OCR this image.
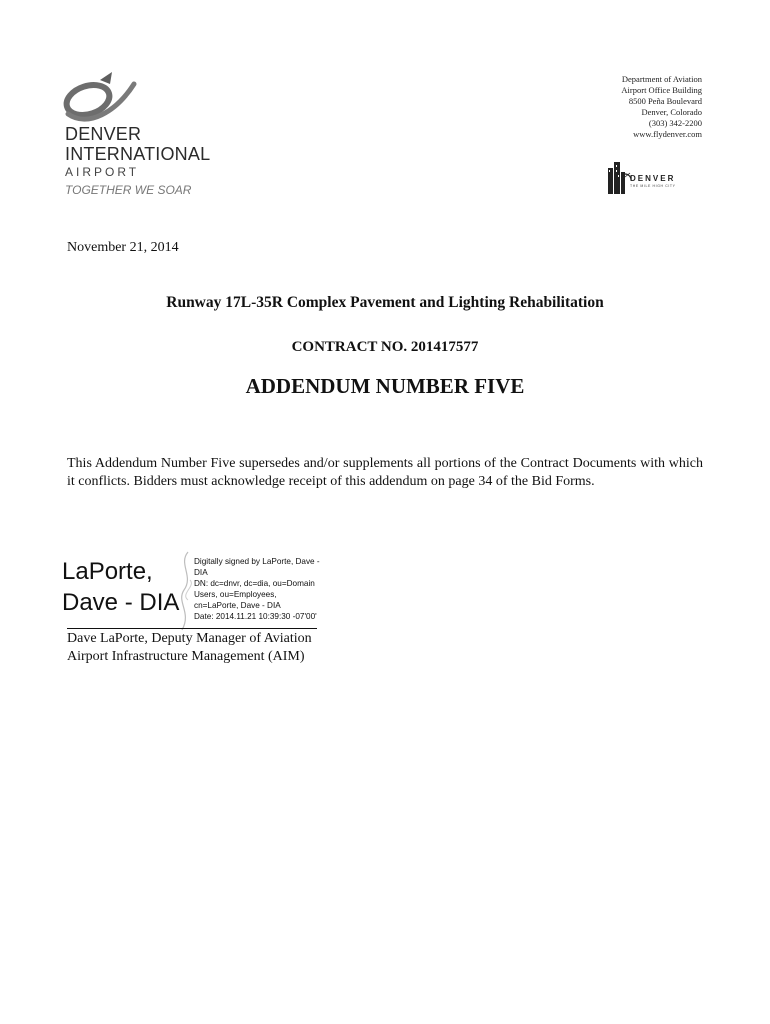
DENVER
INTERNATIONAL
AIRPORT
TOGETHER WE SOAR
Department of Aviation
Airport Office Building
8500 Peña Boulevard
Denver, Colorado
(303) 342-2200
www.flydenver.com
DENVER
THE MILE HIGH CITY
November 21, 2014
Runway 17L-35R Complex Pavement and Lighting Rehabilitation
CONTRACT NO. 201417577
ADDENDUM NUMBER FIVE
This Addendum Number Five supersedes and/or supplements all portions of the Contract Documents with which it conflicts. Bidders must acknowledge receipt of this addendum on page 34 of the Bid Forms.
LaPorte,
Dave - DIA
Digitally signed by LaPorte, Dave -
DIA
DN: dc=dnvr, dc=dia, ou=Domain
Users, ou=Employees,
cn=LaPorte, Dave - DIA
Date: 2014.11.21 10:39:30 -07'00'
Dave LaPorte, Deputy Manager of Aviation
Airport Infrastructure Management (AIM)
